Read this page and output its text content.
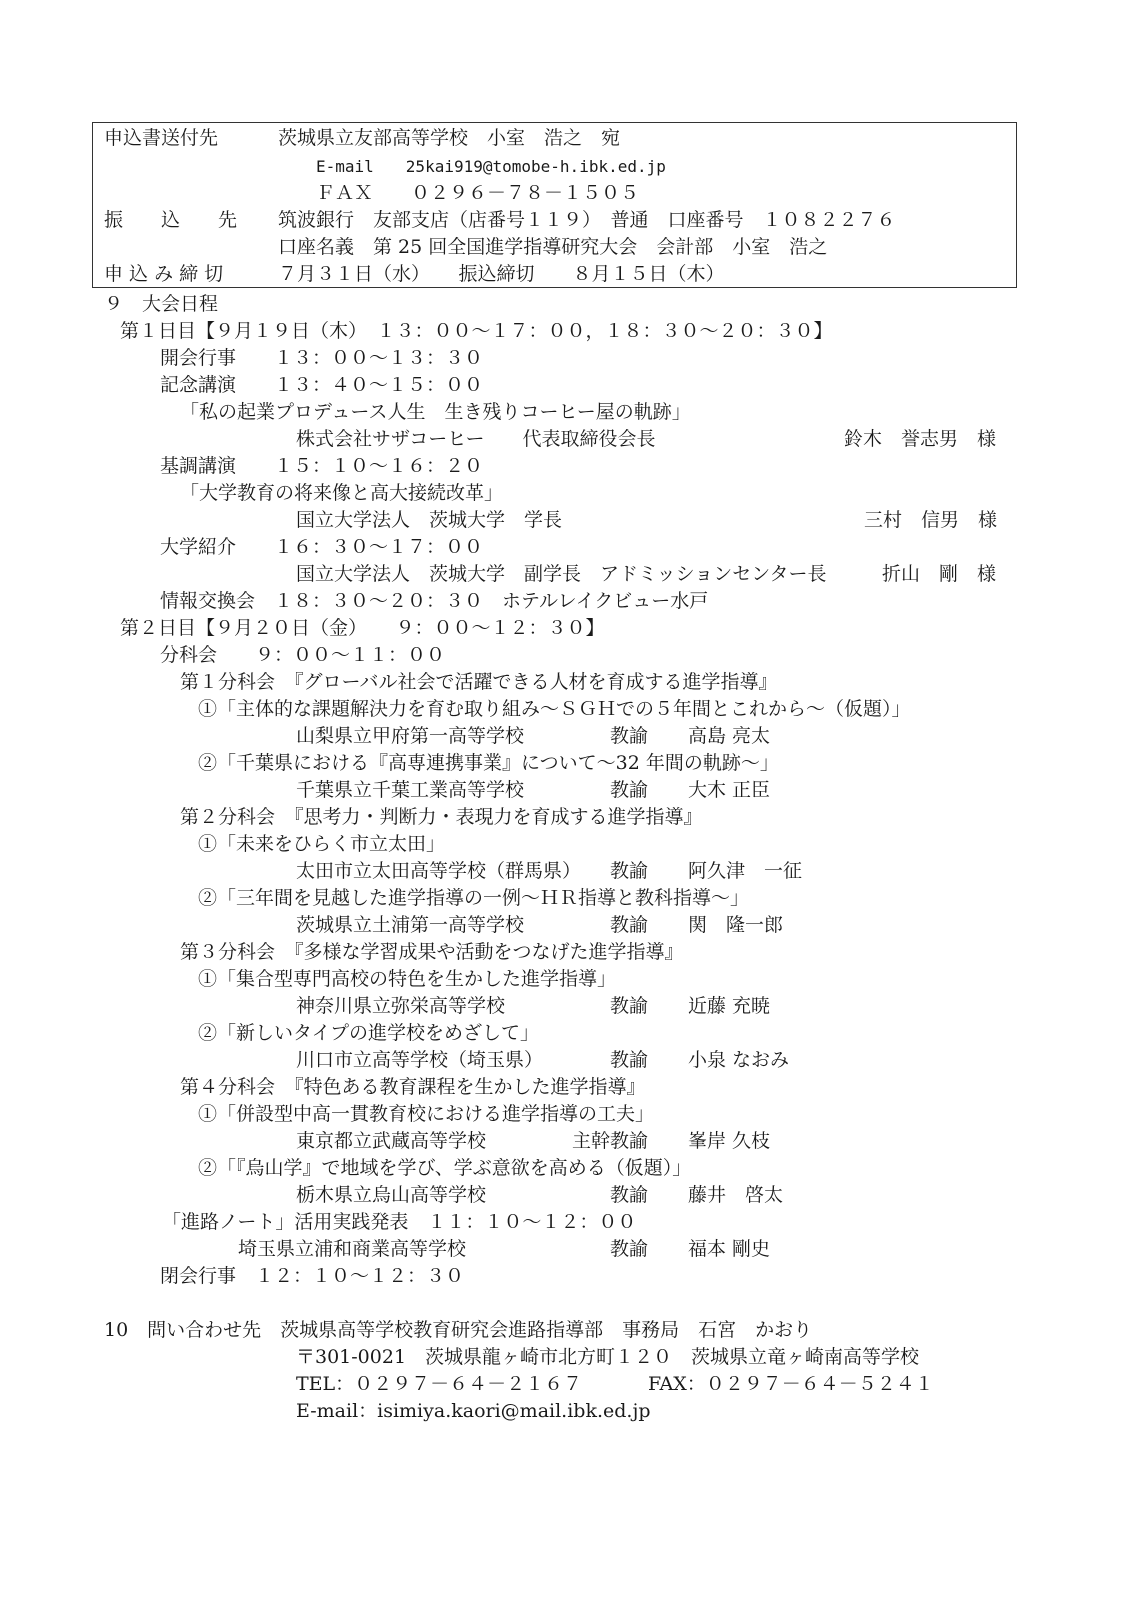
申込書送付先	茨城県立友部高等学校　小室　浩之　宛
E-mail　　25kai919@tomobe-h.ibk.ed.jp
ＦＡＸ　　０２９６－７８－１５０５
振　　込　　先 筑波銀行　友部支店（店番号１１９）　普通　口座番号　１０８２２７６
口座名義　第 25 回全国進学指導研究大会　会計部　小室　浩之
申 込 み 締 切	７月３１日（水）　　振込締切　　８月１５日（木）
９　大会日程
第１日目【９月１９日（木）　１３：００～１７：００，１８：３０～２０：３０】
開会行事　　１３：００～１３：３０
記念講演　　１３：４０～１５：００
「私の起業プロデュース人生　生き残りコーヒー屋の軌跡」
株式会社サザコーヒー　　代表取締役会長	鈴木　誉志男　様
基調講演　　１５：１０～１６：２０
「大学教育の将来像と高大接続改革」
国立大学法人　茨城大学　学長	三村　信男　様
大学紹介　　１６：３０～１７：００
国立大学法人　茨城大学　副学長　アドミッションセンター長	折山　剛　様
情報交換会　１８：３０～２０：３０　ホテルレイクビュー水戸
第２日目【９月２０日（金）　　９：００～１２：３０】
分科会　　９：００～１１：００
第１分科会　『グローバル社会で活躍できる人材を育成する進学指導』
①「主体的な課題解決力を育む取り組み～ＳＧＨでの５年間とこれから～（仮題）」
山梨県立甲府第一高等学校	教諭 高島 亮太
②「千葉県における『高専連携事業』について～32 年間の軌跡～」
千葉県立千葉工業高等学校	教諭 大木 正臣
第２分科会　『思考力・判断力・表現力を育成する進学指導』
①「未来をひらく市立太田」
太田市立太田高等学校（群馬県） 教諭 阿久津　一征
②「三年間を見越した進学指導の一例～ＨＲ指導と教科指導～」
茨城県立土浦第一高等学校	教諭 関　隆一郎
第３分科会　『多様な学習成果や活動をつなげた進学指導』
①「集合型専門高校の特色を生かした進学指導」
神奈川県立弥栄高等学校	教諭 近藤 充暁
②「新しいタイプの進学校をめざして」
川口市立高等学校（埼玉県）	教諭 小泉 なおみ
第４分科会　『特色ある教育課程を生かした進学指導』
①「併設型中高一貫教育校における進学指導の工夫」
東京都立武蔵高等学校	主幹教諭 峯岸 久枝
②「『烏山学』で地域を学び、学ぶ意欲を高める（仮題）」
栃木県立烏山高等学校	教諭 藤井　啓太
「進路ノート」活用実践発表　１１：１０～１２：００
埼玉県立浦和商業高等学校	教諭 福本 剛史
閉会行事　１２：１０～１２：３０
10　問い合わせ先　茨城県高等学校教育研究会進路指導部　事務局　石宮　かおり
〒301-0021　茨城県龍ヶ崎市北方町１２０　茨城県立竜ヶ崎南高等学校
TEL：０２９７－６４－２１６７	FAX：０２９７－６４－５２４１
E-mail：isimiya.kaori@mail.ibk.ed.jp
